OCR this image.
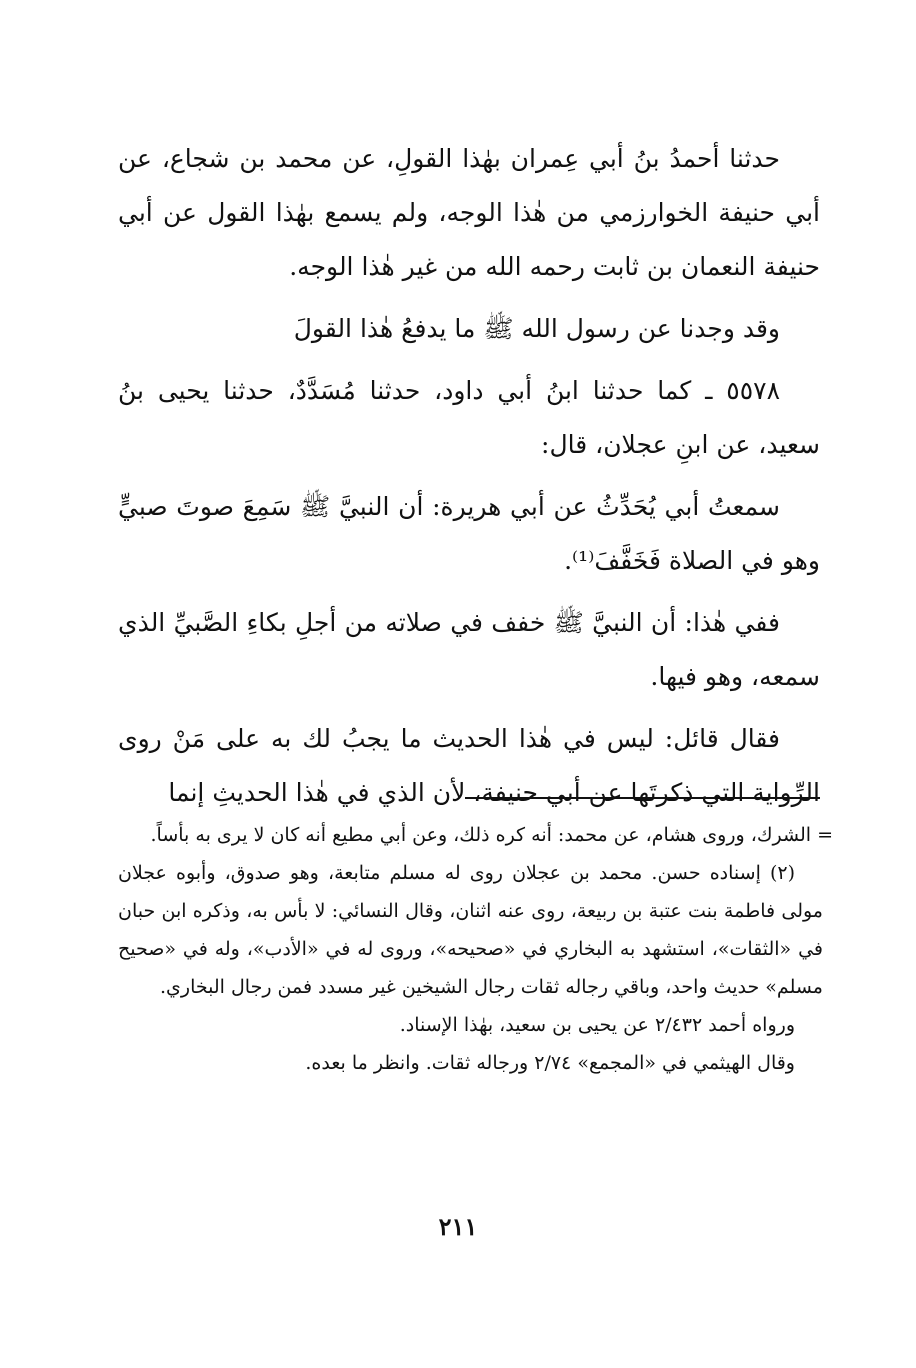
حدثنا أحمدُ بنُ أبي عِمران بهٰذا القولِ، عن محمد بن شجاع، عن أبي حنيفة الخوارزمي من هٰذا الوجه، ولم يسمع بهٰذا القول عن أبي حنيفة النعمان بن ثابت رحمه الله من غير هٰذا الوجه.

وقد وجدنا عن رسول الله ﷺ ما يدفعُ هٰذا القولَ

٥٥٧٨ ـ كما حدثنا ابنُ أبي داود، حدثنا مُسَدَّدٌ، حدثنا يحيى بنُ سعيد، عن ابنِ عجلان، قال:

سمعتُ أبي يُحَدِّثُ عن أبي هريرة: أن النبيَّ ﷺ سَمِعَ صوتَ صبيٍّ وهو في الصلاة فَخَفَّفَ⁽¹⁾.

ففي هٰذا: أن النبيَّ ﷺ خفف في صلاته من أجلِ بكاءِ الصَّبيِّ الذي سمعه، وهو فيها.

فقال قائل: ليس في هٰذا الحديث ما يجبُ لك به على مَنْ روى الرِّواية التي ذكرتَها عن أبي حنيفة، لأن الذي في هٰذا الحديثِ إنما

= الشرك، وروى هشام، عن محمد: أنه كره ذلك، وعن أبي مطيع أنه كان لا يرى به بأساً.

(٢) إسناده حسن. محمد بن عجلان روى له مسلم متابعة، وهو صدوق، وأبوه عجلان مولى فاطمة بنت عتبة بن ربيعة، روى عنه اثنان، وقال النسائي: لا بأس به، وذكره ابن حبان في «الثقات»، استشهد به البخاري في «صحيحه»، وروى له في «الأدب»، وله في «صحيح مسلم» حديث واحد، وباقي رجاله ثقات رجال الشيخين غير مسدد فمن رجال البخاري.

ورواه أحمد ٢/٤٣٢ عن يحيى بن سعيد، بهٰذا الإسناد.

وقال الهيثمي في «المجمع» ٢/٧٤ ورجاله ثقات. وانظر ما بعده.

٢١١
